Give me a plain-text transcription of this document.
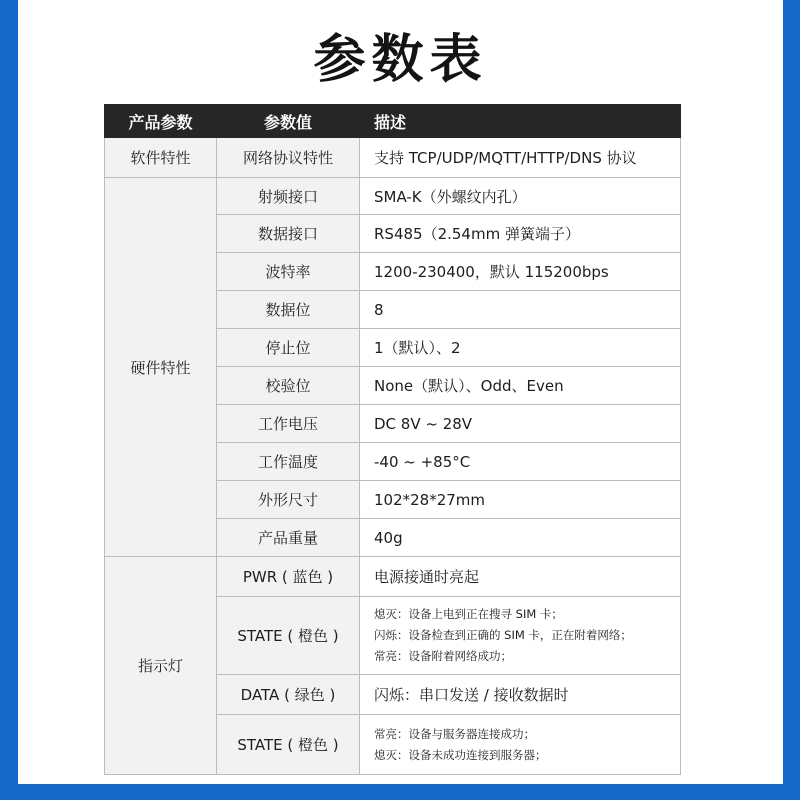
参数表
产品参数	参数值	描述
软件特性	网络协议特性	支持 TCP/UDP/MQTT/HTTP/DNS 协议
硬件特性	射频接口	SMA-K（外螺纹内孔）
	数据接口	RS485（2.54mm 弹簧端子）
	波特率	1200-230400，默认 115200bps
	数据位	8
	停止位	1（默认）、2
	校验位	None（默认）、Odd、Even
	工作电压	DC 8V ~ 28V
	工作温度	-40 ~ +85°C
	外形尺寸	102*28*27mm
	产品重量	40g
指示灯	PWR ( 蓝色 )	电源接通时亮起
	STATE ( 橙色 )	熄灭：设备上电到正在搜寻 SIM 卡；
闪烁：设备检查到正确的 SIM 卡，正在附着网络；
常亮：设备附着网络成功；

	DATA ( 绿色 )	闪烁：串口发送 / 接收数据时
	STATE ( 橙色 )	常亮：设备与服务器连接成功；
熄灭：设备未成功连接到服务器；
